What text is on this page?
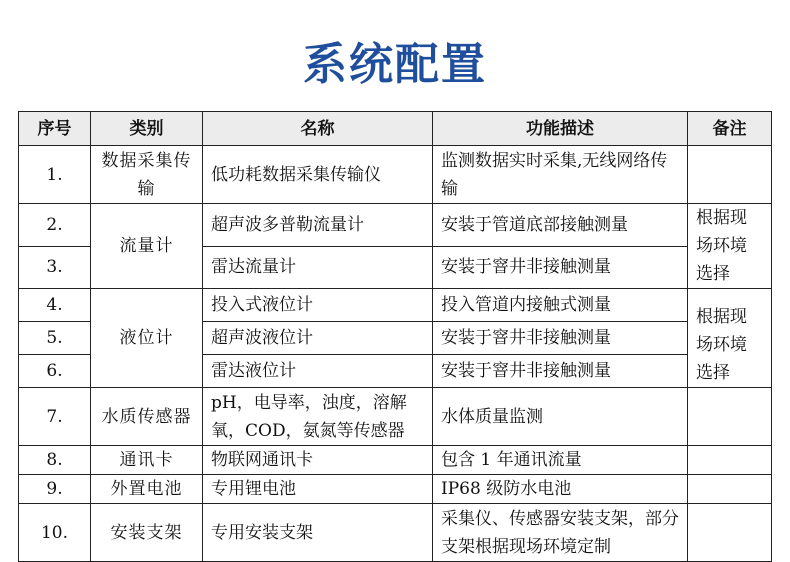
系统配置
序号	类别	名称	功能描述	备注
1.	数据采集传输	低功耗数据采集传输仪	监测数据实时采集,无线网络传输	
2.	流量计	超声波多普勒流量计	安装于管道底部接触测量	根据现场环境选择
3.		雷达流量计	安装于窨井非接触测量	
4.	液位计	投入式液位计	投入管道内接触式测量	根据现场环境选择
5.		超声波液位计	安装于窨井非接触测量	
6.		雷达液位计	安装于窨井非接触测量	
7.	水质传感器	pH，电导率，浊度，溶解氧，COD，氨氮等传感器	水体质量监测	
8.	通讯卡	物联网通讯卡	包含 1 年通讯流量	
9.	外置电池	专用锂电池	IP68 级防水电池	
10.	安装支架	专用安装支架	采集仪、传感器安装支架，部分支架根据现场环境定制	
